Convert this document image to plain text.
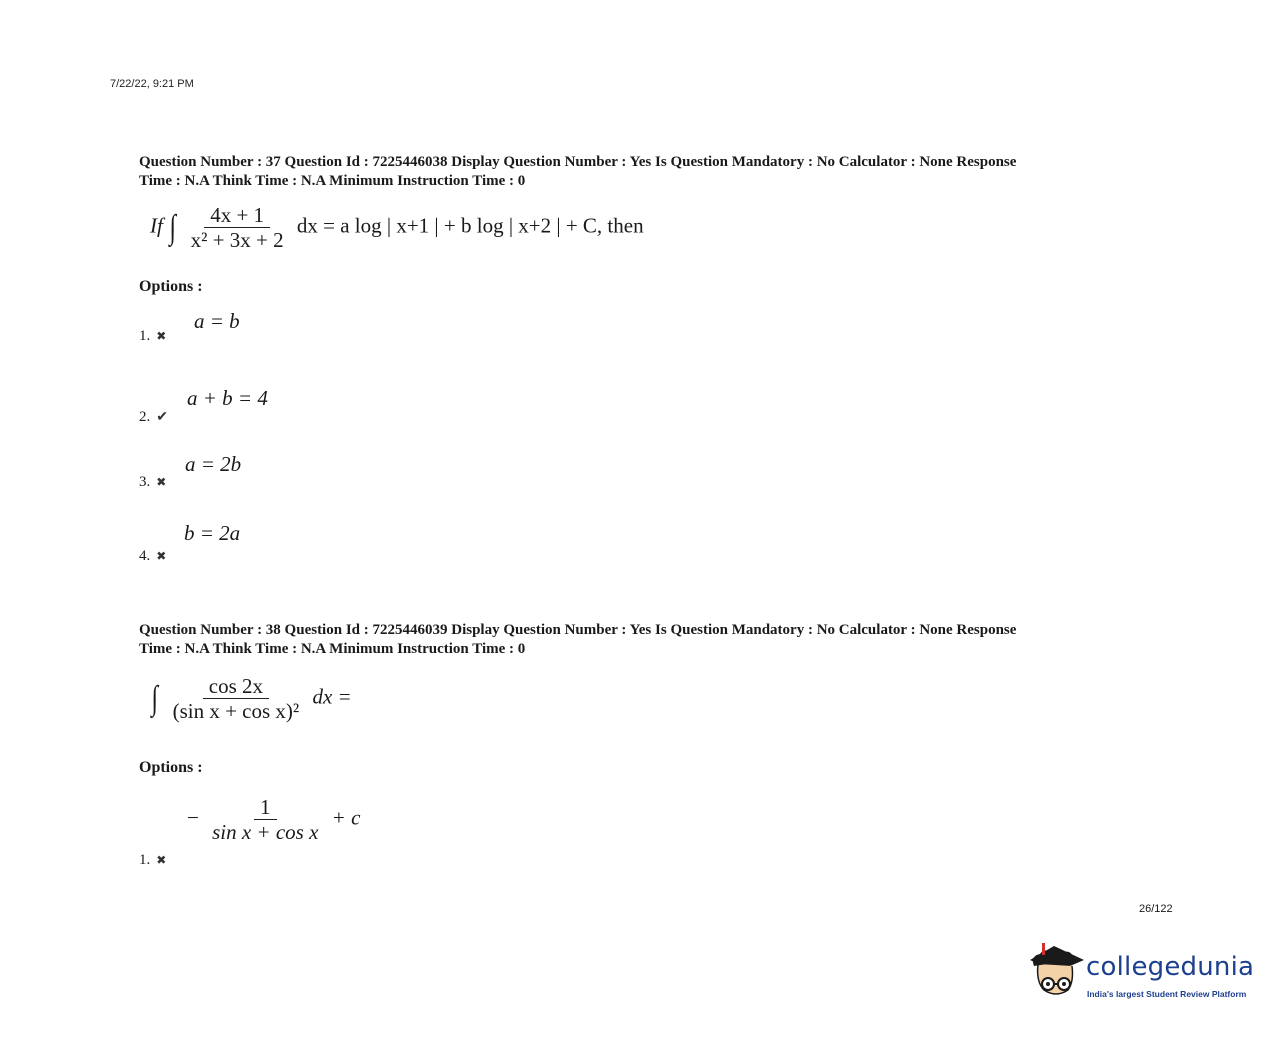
7/22/22, 9:21 PM
Question Number : 37 Question Id : 7225446038 Display Question Number : Yes Is Question Mandatory : No Calculator : None Response
Time : N.A Think Time : N.A Minimum Instruction Time : 0
If ∫ $\frac{4x + 1}{\text{x² + 3x + 2}}$ dx = a log | x+1 | + b log | x+2 | + C, then
Options :
a = b
1. ✖
a + b = 4
2. ✔
a = 2b
3. ✖
b = 2a
4. ✖
Question Number : 38 Question Id : 7225446039 Display Question Number : Yes Is Question Mandatory : No Calculator : None Response
Time : N.A Think Time : N.A Minimum Instruction Time : 0
∫ $\frac{\cos 2x}{\text{(sin x + cos x)²}}$ dx =
Options :
− $\frac{1}{\text{sin x + cos x}} + c$
1. ✖
26/122
collegedunia
India's largest Student Review Platform
